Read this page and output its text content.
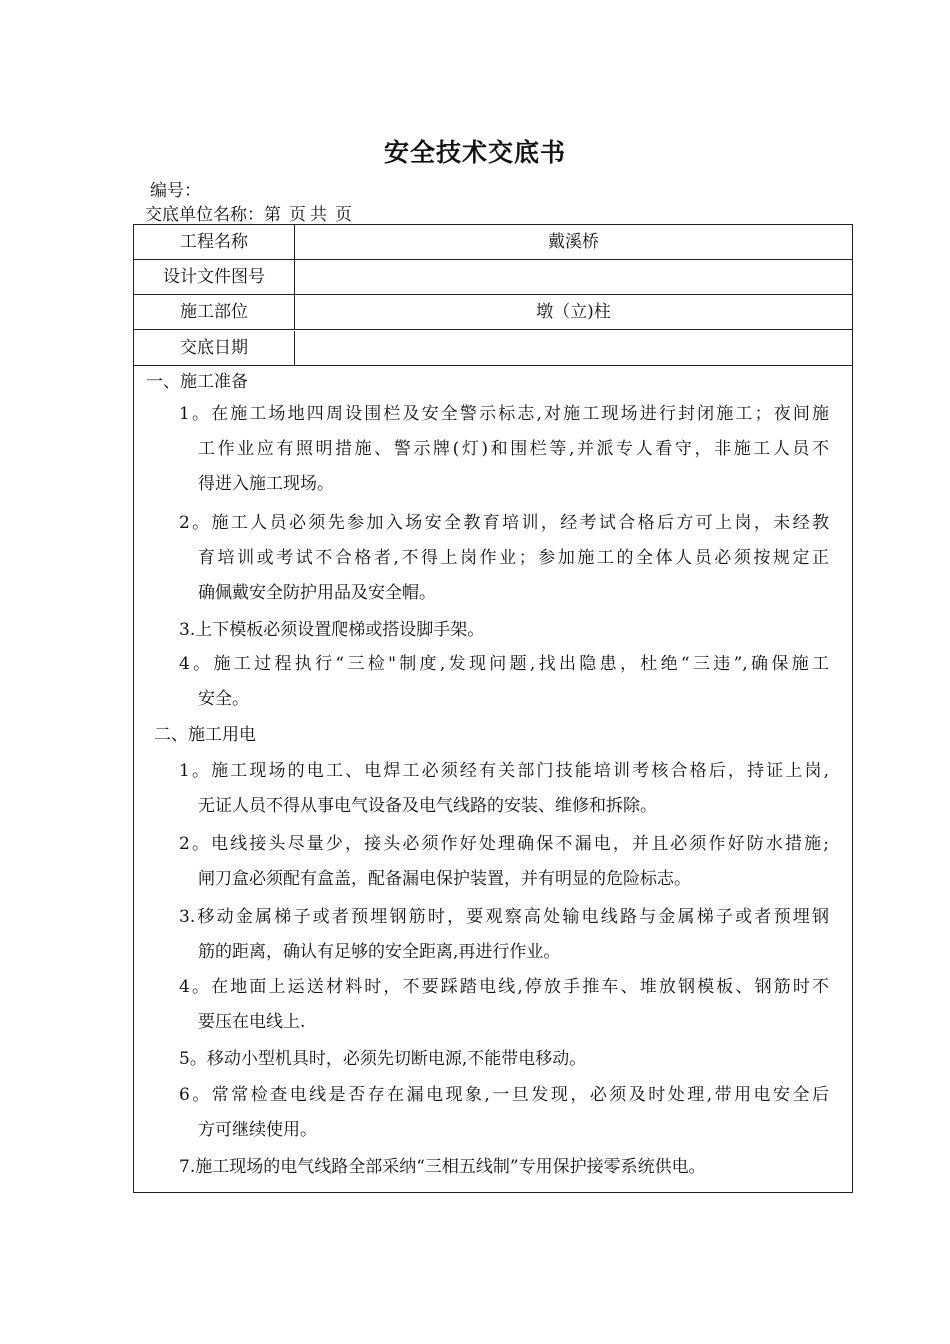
安全技术交底书
编号：
交底单位名称：第 页 共 页
工程名称	戴溪桥
设计文件图号
施工部位	墩（立)柱
交底日期
一、施工准备

1。在施工场地四周设围栏及安全警示标志,对施工现场进行封闭施工；夜间施

工作业应有照明措施、警示牌(灯)和围栏等,并派专人看守，非施工人员不

得进入施工现场。

2。施工人员必须先参加入场安全教育培训，经考试合格后方可上岗，未经教

育培训或考试不合格者,不得上岗作业；参加施工的全体人员必须按规定正

确佩戴安全防护用品及安全帽。

3.上下模板必须设置爬梯或搭设脚手架。

4。施工过程执行“三检"制度,发现问题,找出隐患，杜绝“三违”,确保施工

安全。

二、施工用电

1。施工现场的电工、电焊工必须经有关部门技能培训考核合格后，持证上岗,

无证人员不得从事电气设备及电气线路的安装、维修和拆除。

2。电线接头尽量少，接头必须作好处理确保不漏电，并且必须作好防水措施;

闸刀盒必须配有盒盖，配备漏电保护装置，并有明显的危险标志。

3.移动金属梯子或者预埋钢筋时，要观察高处输电线路与金属梯子或者预埋钢

筋的距离，确认有足够的安全距离,再进行作业。

4。在地面上运送材料时，不要踩踏电线,停放手推车、堆放钢模板、钢筋时不

要压在电线上.

5。移动小型机具时，必须先切断电源,不能带电移动。

6。常常检查电线是否存在漏电现象,一旦发现，必须及时处理,带用电安全后

方可继续使用。

7.施工现场的电气线路全部采纳“三相五线制”专用保护接零系统供电。
